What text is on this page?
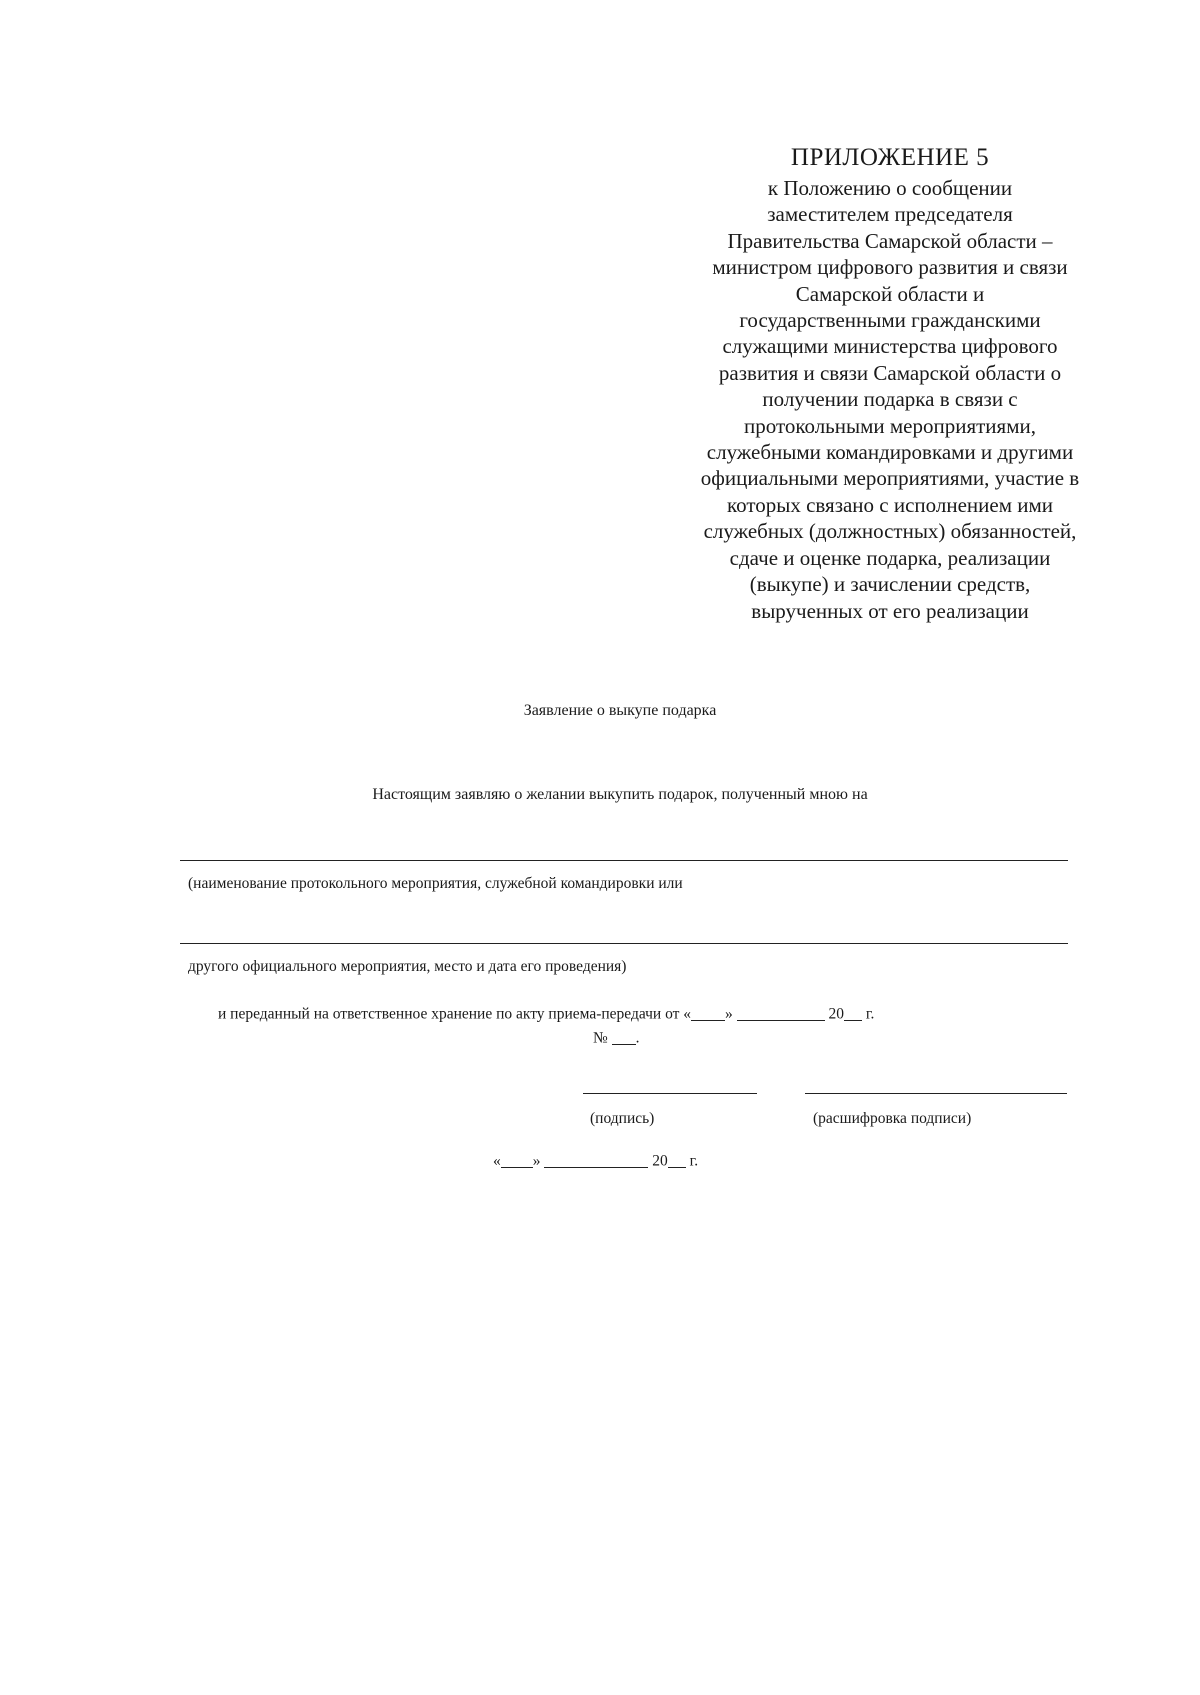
ПРИЛОЖЕНИЕ 5
к Положению о сообщении
заместителем председателя
Правительства Самарской области –
министром цифрового развития и связи
Самарской области и
государственными гражданскими
служащими министерства цифрового
развития и связи Самарской области о
получении подарка в связи с
протокольными мероприятиями,
служебными командировками и другими
официальными мероприятиями, участие в
которых связано с исполнением ими
служебных (должностных) обязанностей,
сдаче и оценке подарка, реализации
(выкупе) и зачислении средств,
вырученных от его реализации
Заявление о выкупе подарка
Настоящим заявляю о желании выкупить подарок, полученный мною на
(наименование протокольного мероприятия, служебной командировки или
другого официального мероприятия, место и дата его проведения)
и переданный на ответственное хранение по акту приема-передачи от « »	20 г.
№ .
(подпись)	(расшифровка подписи)
« »	20 г.
